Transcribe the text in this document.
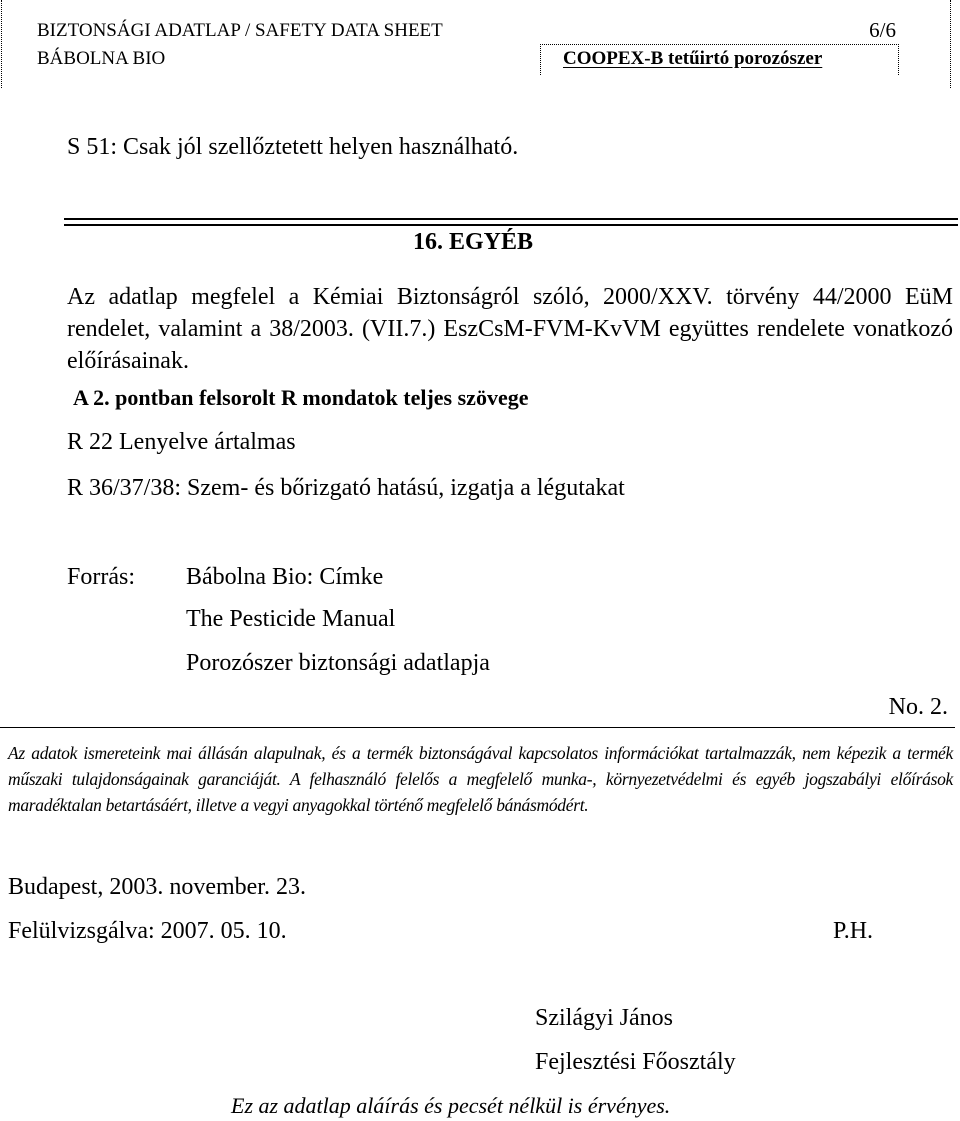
BIZTONSÁGI ADATLAP / SAFETY DATA SHEET
BÁBOLNA BIO
6/6
COOPEX-B tetűirtó porozószer
S 51: Csak jól szellőztetett helyen használható.
16. EGYÉB
Az adatlap megfelel a Kémiai Biztonságról szóló, 2000/XXV. törvény 44/2000 EüM rendelet, valamint a 38/2003. (VII.7.) EszCsM-FVM-KvVM együttes rendelete vonatkozó előírásainak.
A 2. pontban felsorolt R mondatok teljes szövege
R 22 Lenyelve ártalmas
R 36/37/38: Szem- és bőrizgató hatású, izgatja a légutakat
Forrás: Bábolna Bio: Címke
The Pesticide Manual
Porozószer biztonsági adatlapja
No. 2.
Az adatok ismereteink mai állásán alapulnak, és a termék biztonságával kapcsolatos információkat tartalmazzák, nem képezik a termék műszaki tulajdonságainak garanciáját. A felhasználó felelős a megfelelő munka-, környezetvédelmi és egyéb jogszabályi előírások maradéktalan betartásáért, illetve a vegyi anyagokkal történő megfelelő bánásmódért.
Budapest, 2003. november. 23.
Felülvizsgálva: 2007. 05. 10.	P.H.
Szilágyi János
Fejlesztési Főosztály
Ez az adatlap aláírás és pecsét nélkül is érvényes.
